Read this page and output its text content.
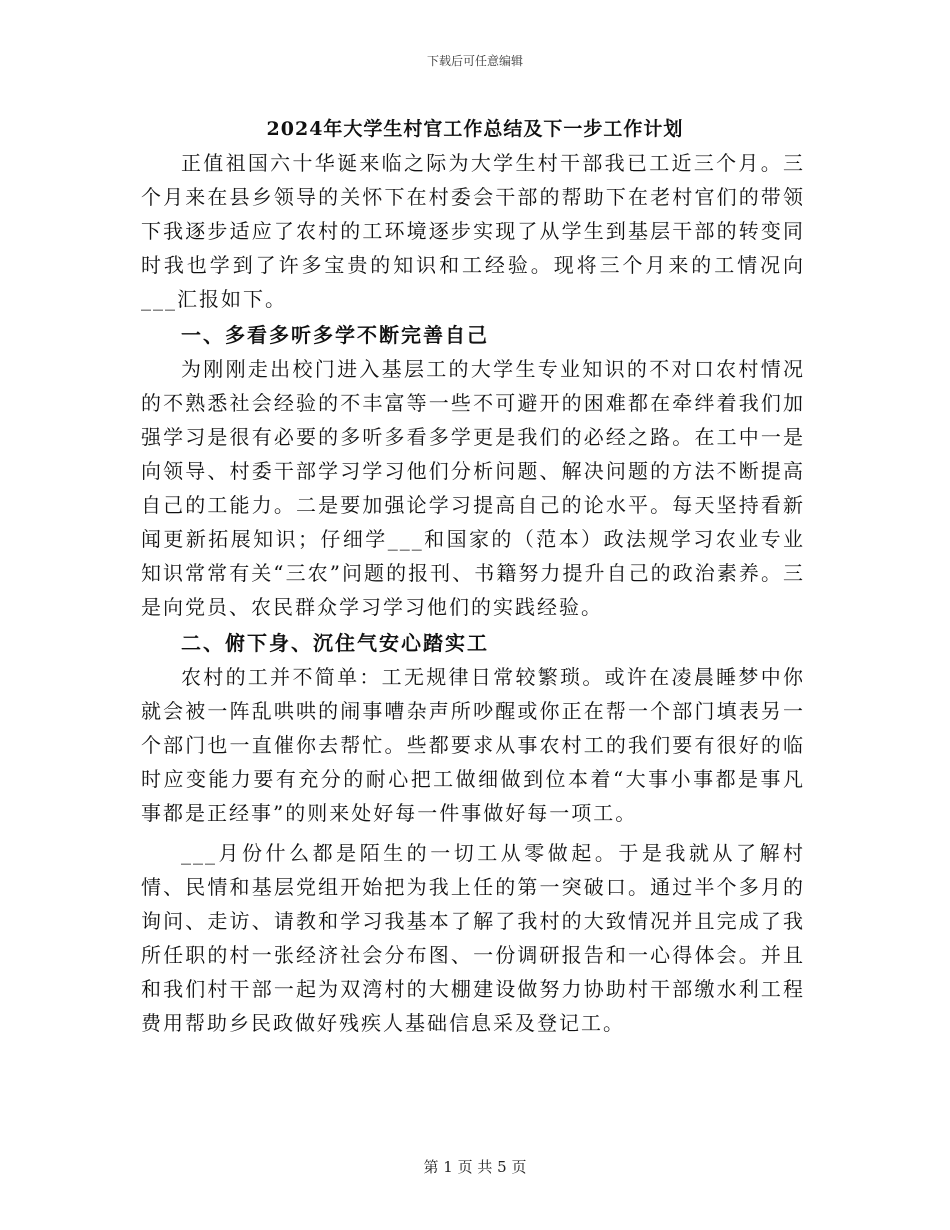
下载后可任意编辑
2024年大学生村官工作总结及下一步工作计划

正值祖国六十华诞来临之际为大学生村干部我已工近三个月。三个月来在县乡领导的关怀下在村委会干部的帮助下在老村官们的带领下我逐步适应了农村的工环境逐步实现了从学生到基层干部的转变同时我也学到了许多宝贵的知识和工经验。现将三个月来的工情况向___汇报如下。

一、多看多听多学不断完善自己

为刚刚走出校门进入基层工的大学生专业知识的不对口农村情况的不熟悉社会经验的不丰富等一些不可避开的困难都在牵绊着我们加强学习是很有必要的多听多看多学更是我们的必经之路。在工中一是向领导、村委干部学习学习他们分析问题、解决问题的方法不断提高自己的工能力。二是要加强论学习提高自己的论水平。每天坚持看新闻更新拓展知识；仔细学___和国家的（范本）政法规学习农业专业知识常常有关“三农”问题的报刊、书籍努力提升自己的政治素养。三是向党员、农民群众学习学习他们的实践经验。

二、俯下身、沉住气安心踏实工

农村的工并不简单：工无规律日常较繁琐。或许在凌晨睡梦中你就会被一阵乱哄哄的闹事嘈杂声所吵醒或你正在帮一个部门填表另一个部门也一直催你去帮忙。些都要求从事农村工的我们要有很好的临时应变能力要有充分的耐心把工做细做到位本着“大事小事都是事凡事都是正经事”的则来处好每一件事做好每一项工。

___月份什么都是陌生的一切工从零做起。于是我就从了解村情、民情和基层党组开始把为我上任的第一突破口。通过半个多月的询问、走访、请教和学习我基本了解了我村的大致情况并且完成了我所任职的村一张经济社会分布图、一份调研报告和一心得体会。并且和我们村干部一起为双湾村的大棚建设做努力协助村干部缴水利工程费用帮助乡民政做好残疾人基础信息采及登记工。

第 1 页 共 5 页
